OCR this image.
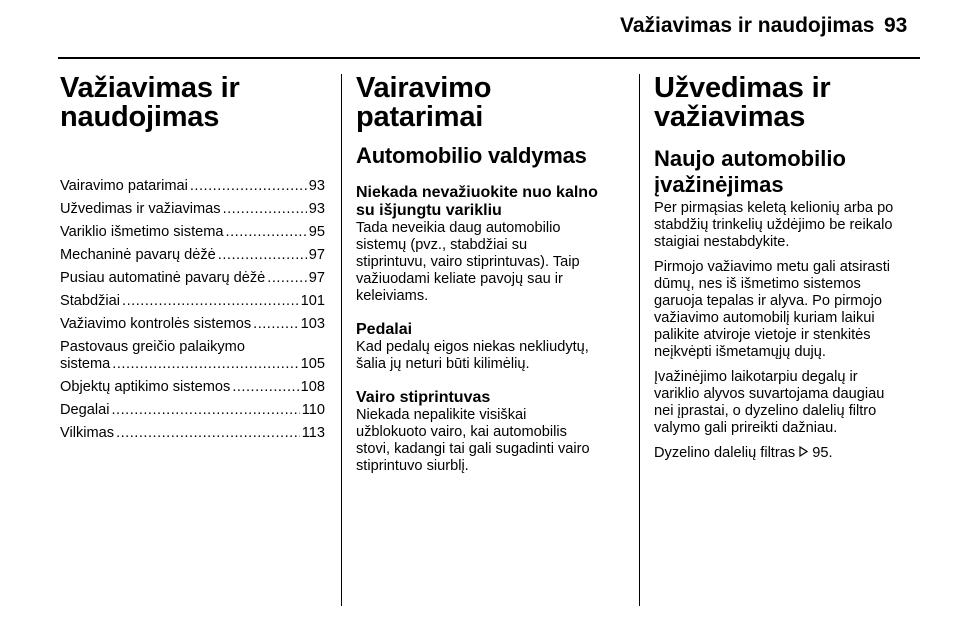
Važiavimas ir naudojimas 93
Važiavimas ir
naudojimas
Vairavimo patarimai .....	93
Užvedimas ir važiavimas .....	93
Variklio išmetimo sistema .....	95
Mechaninė pavarų dėžė .....	97
Pusiau automatinė pavarų dėžė .....	97
Stabdžiai .....	101
Važiavimo kontrolės sistemos .....	103
Pastovaus greičio palaikymo
sistema .....	105
Objektų aptikimo sistemos .....	108
Degalai .....	110
Vilkimas .....	113
Vairavimo patarimai
Automobilio valdymas
Niekada nevažiuokite nuo kalno
su išjungtu varikliu

Tada neveikia daug automobilio
sistemų (pvz., stabdžiai su
stiprintuvu, vairo stiprintuvas). Taip
važiuodami keliate pavojų sau ir
keleiviams.

Pedalai

Kad pedalų eigos niekas nekliudytų,
šalia jų neturi būti kilimėlių.

Vairo stiprintuvas

Niekada nepalikite visiškai
užblokuoto vairo, kai automobilis
stovi, kadangi tai gali sugadinti vairo
stiprintuvo siurblį.

Užvedimas ir
važiavimas
Naujo automobilio
įvažinėjimas

Per pirmąsias keletą kelionių arba po
stabdžių trinkelių uždėjimo be reikalo
staigiai nestabdykite.

Pirmojo važiavimo metu gali atsirasti
dūmų, nes iš išmetimo sistemos
garuoja tepalas ir alyva. Po pirmojo
važiavimo automobilį kuriam laikui
palikite atviroje vietoje ir stenkitės
neįkvėpti išmetamųjų dujų.

Įvažinėjimo laikotarpiu degalų ir
variklio alyvos suvartojama daugiau
nei įprastai, o dyzelino dalelių filtro
valymo gali prireikti dažniau.

Dyzelino dalelių filtras 95.
